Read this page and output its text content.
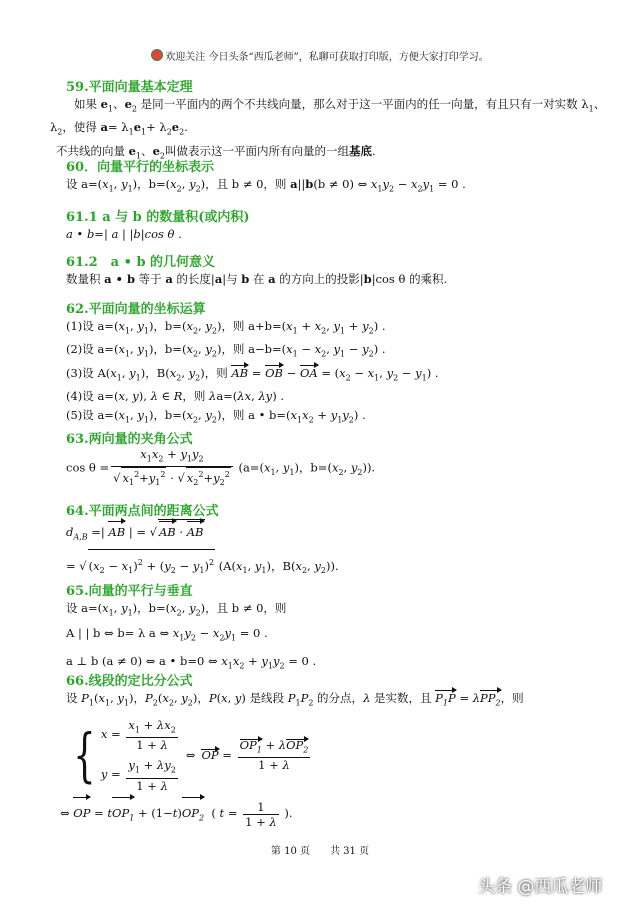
欢迎关注 今日头条“西瓜老师”，私聊可获取打印版，方便大家打印学习。

59.平面向量基本定理

如果 $e_1$、$e_2$ 是同一平面内的两个不共线向量，那么对于这一平面内的任一向量，有且只有一对实数 $\lambda_1$、

$\lambda_2$，使得 $a= \lambda_1e_1+ \lambda_2e_2$.

不共线的向量 $e_1$、$e_2$叫做表示这一平面内所有向量的一组基底.

60．向量平行的坐标表示

设 $a=(x_1$, $y_1$)，$b=(x_2$, $y_2$)，且 b ≠ 0，则 a||b(b ≠ 0) ⇔ $x_1y_2 - x_2y_1 = 0$ .

61.1 a 与 b 的数量积(或内积)

a • b=| a | |b|cos θ .

61.2　a • b 的几何意义

数量积 a • b 等于 a 的长度|a|与 b 在 a 的方向上的投影|b|cos θ 的乘积.

62.平面向量的坐标运算

(1)设 $a=(x_1$, $y_1$)，$b=(x_2$, $y_2$)，则 $a+b=(x_1 + x_2$, $y_1 + y_2$) .

(2)设 $a=(x_1$, $y_1$)，$b=(x_2$, $y_2$)，则 $a-b=(x_1 - x_2$, $y_1 - y_2$) .

(3)设 $A(x_1$, $y_1$)，$B(x_2$, $y_2$)，则 AB = OB − OA = ($x_2 - x_1$, $y_2 - y_1$) .

(4)设 a=(x, y), λ ∈ R，则 λa=(λx, λy) .

(5)设 $a=(x_1$, $y_1$)，$b=(x_2$, $y_2$)，则 a • $b=(x_1x_2 + y_1y_2)$ .

63.两向量的夹角公式

$\cos \theta = \frac{x_1x_2 + y_1y_2}{√ x_1^2+y_1^2 \cdot √ x_2^2+y_2^2} (a=(x_1$, $y_1$)，$b=(x_2$, $y_2$)).

64.平面两点间的距离公式

$d_{A,B}$ =| AB | = √ AB · AB

= √ $(x_2 - x_1)^2 + (y_2 - y_1)^2$ ($A(x_1$, $y_1$)，$B(x_2$, $y_2$)).

65.向量的平行与垂直

设 $a=(x_1$, $y_1$)，$b=(x_2$, $y_2$)，且 b ≠ 0，则

A | | b ⇔ b= λ a ⇔ $x_1y_2 - x_2y_1 = 0$ .

a ⊥ b (a ≠ 0) ⇔ a • b=0 ⇔ $x_1x_2 + y_1y_2 = 0$ .

66.线段的定比分公式

设 $P_1(x_1$, $y_1$)，$P_2(x_2$, $y_2$)，P(x, y) 是线段 $P_1P_2$ 的分点，λ 是实数，且 $P_1P = \lambda PP_2$，则

{ $x = \frac{x_1 + \lambda x_2}{1 + \lambda}$
$y = \frac{y_1 + \lambda y_2}{1 + \lambda}$
⇔ OP = $\frac{OP_1 + \lambda OP_2}{1 + \lambda}$

⇔ OP = $tOP_1 + (1-t)OP_2$  ( $t = \frac{1}{1 + \lambda}$ ).

第 10 页　　共 31 页
头条 @西瓜老师
